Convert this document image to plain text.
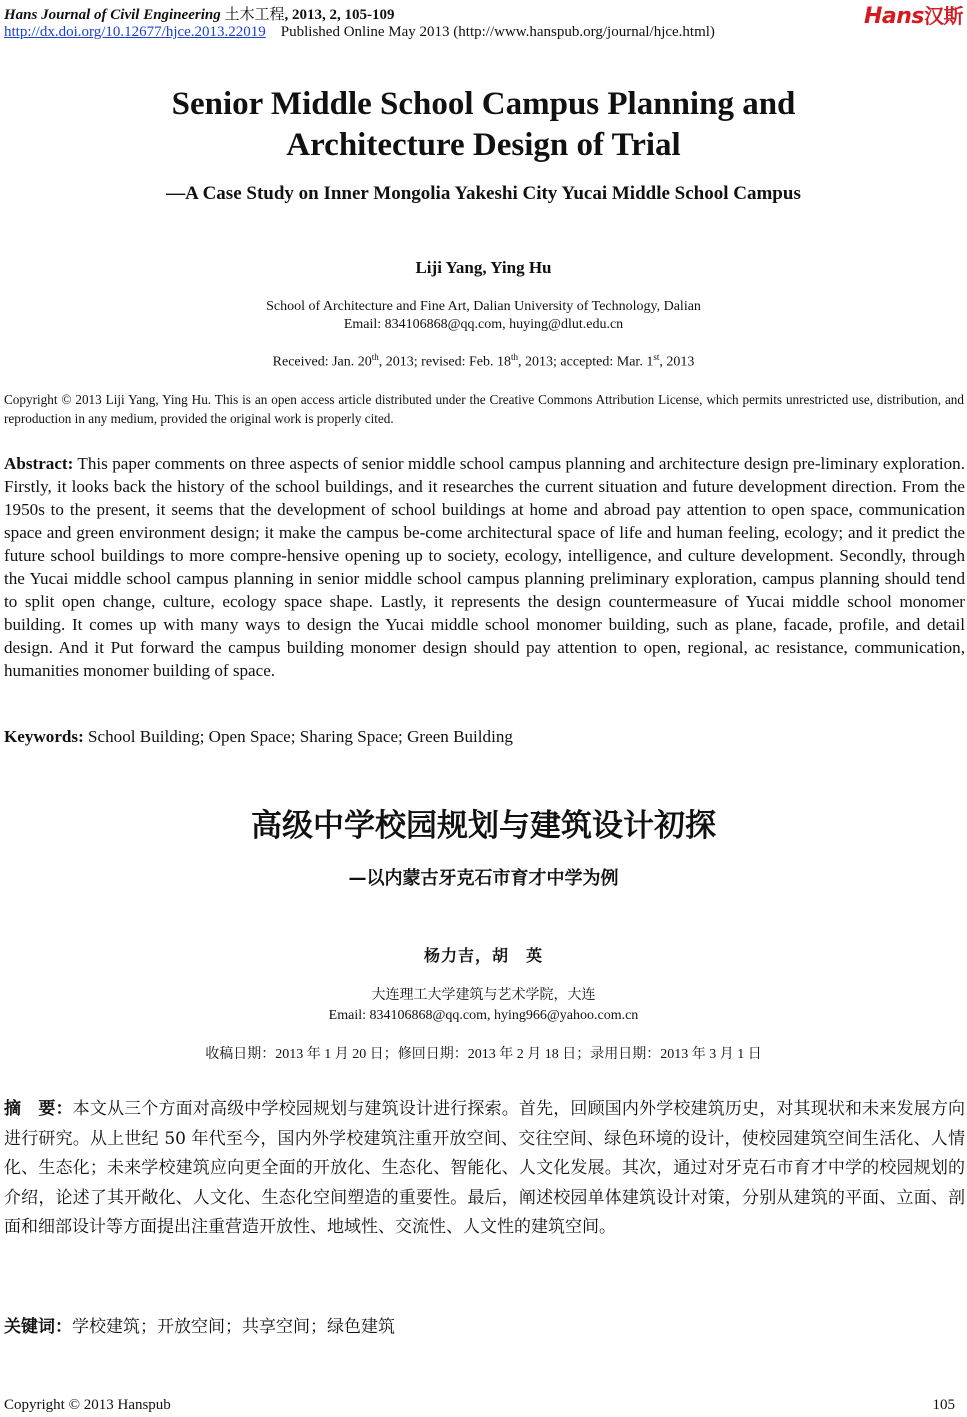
Hans Journal of Civil Engineering 土木工程, 2013, 2, 105-109
http://dx.doi.org/10.12677/hjce.2013.22019 Published Online May 2013 (http://www.hanspub.org/journal/hjce.html)
Hans汉斯
Senior Middle School Campus Planning and
Architecture Design of Trial
—A Case Study on Inner Mongolia Yakeshi City Yucai Middle School Campus
Liji Yang, Ying Hu
School of Architecture and Fine Art, Dalian University of Technology, Dalian
Email: 834106868@qq.com, huying@dlut.edu.cn
Received: Jan. 20th, 2013; revised: Feb. 18th, 2013; accepted: Mar. 1st, 2013
Copyright © 2013 Liji Yang, Ying Hu. This is an open access article distributed under the Creative Commons Attribution License, which permits unrestricted use, distribution, and reproduction in any medium, provided the original work is properly cited.
Abstract: This paper comments on three aspects of senior middle school campus planning and architecture design pre-liminary exploration. Firstly, it looks back the history of the school buildings, and it researches the current situation and future development direction. From the 1950s to the present, it seems that the development of school buildings at home and abroad pay attention to open space, communication space and green environment design; it make the campus be-come architectural space of life and human feeling, ecology; and it predict the future school buildings to more compre-hensive opening up to society, ecology, intelligence, and culture development. Secondly, through the Yucai middle school campus planning in senior middle school campus planning preliminary exploration, campus planning should tend to split open change, culture, ecology space shape. Lastly, it represents the design countermeasure of Yucai middle school monomer building. It comes up with many ways to design the Yucai middle school monomer building, such as plane, facade, profile, and detail design. And it Put forward the campus building monomer design should pay attention to open, regional, ac resistance, communication, humanities monomer building of space.
Keywords: School Building; Open Space; Sharing Space; Green Building
高级中学校园规划与建筑设计初探
—以内蒙古牙克石市育才中学为例
杨力吉，胡　英
大连理工大学建筑与艺术学院，大连
Email: 834106868@qq.com, hying966@yahoo.com.cn
收稿日期：2013 年 1 月 20 日；修回日期：2013 年 2 月 18 日；录用日期：2013 年 3 月 1 日
摘　要：本文从三个方面对高级中学校园规划与建筑设计进行探索。首先，回顾国内外学校建筑历史，对其现状和未来发展方向进行研究。从上世纪 50 年代至今，国内外学校建筑注重开放空间、交往空间、绿色环境的设计，使校园建筑空间生活化、人情化、生态化；未来学校建筑应向更全面的开放化、生态化、智能化、人文化发展。其次，通过对牙克石市育才中学的校园规划的介绍，论述了其开敞化、人文化、生态化空间塑造的重要性。最后，阐述校园单体建筑设计对策，分别从建筑的平面、立面、剖面和细部设计等方面提出注重营造开放性、地域性、交流性、人文性的建筑空间。
关键词：学校建筑；开放空间；共享空间；绿色建筑
Copyright © 2013 Hanspub	105
